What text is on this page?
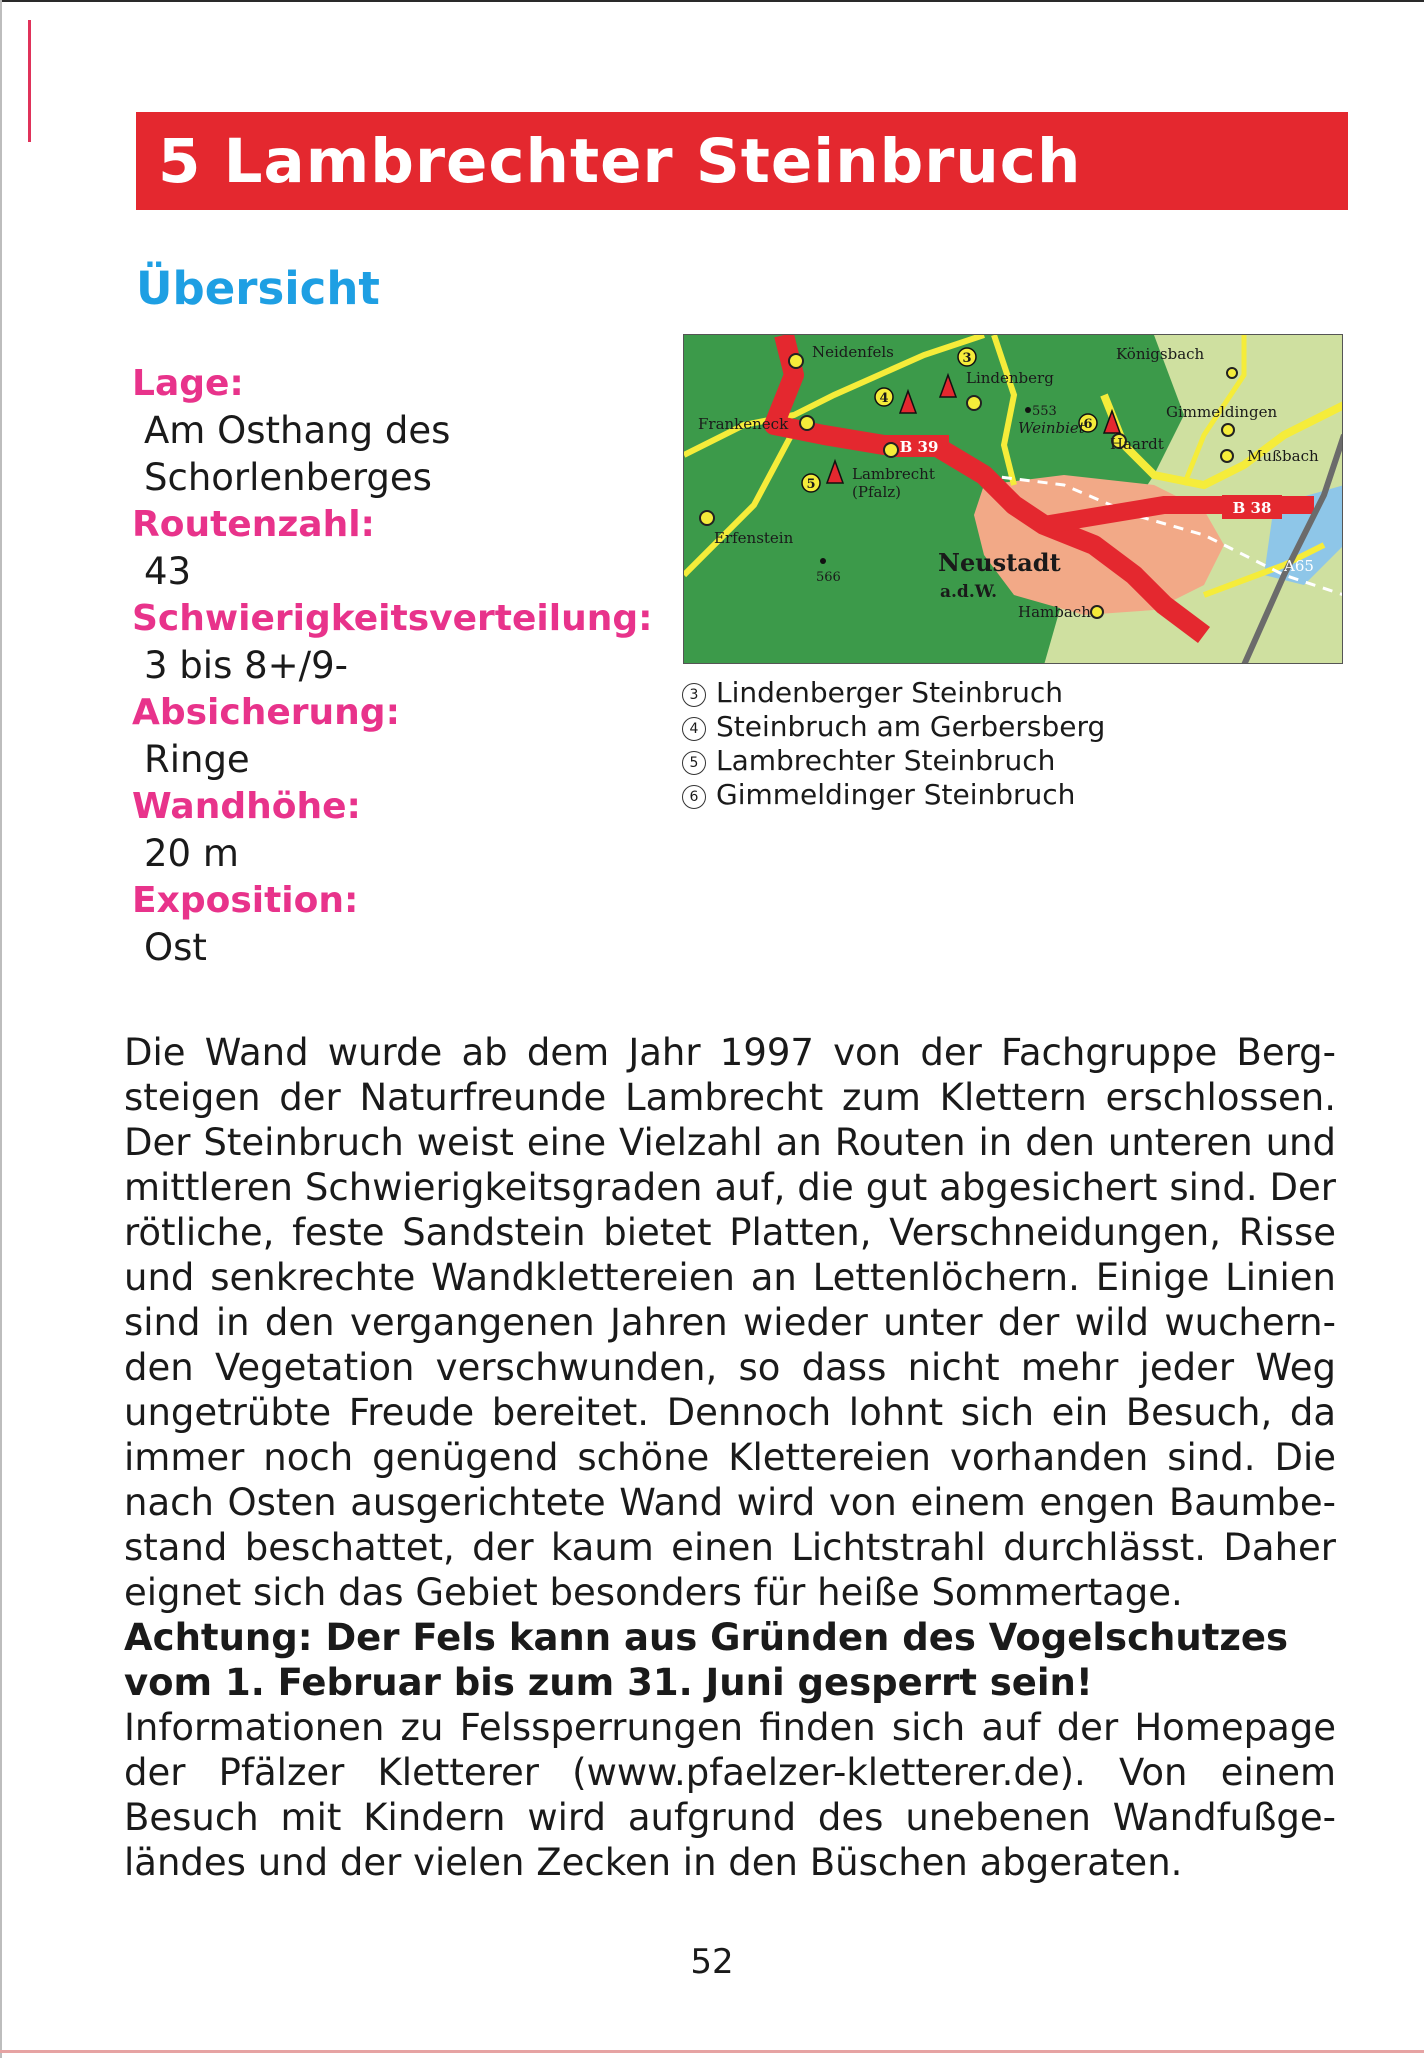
5 Lambrechter Steinbruch
Übersicht
Lage:
Am Osthang des
Schorlenberges
Routenzahl:
43
Schwierigkeitsverteilung:
3 bis 8+/9-
Absicherung:
Ringe
Wandhöhe:
20 m
Exposition:
Ost
B 39
B 38
A65
3
4
5
6
Neidenfels
Lindenberg
Königsbach
Frankeneck
Gimmeldingen
Mußbach
Lambrecht
(Pfalz)
553
Weinbiet
Haardt
Erfenstein
566
Neustadt
a.d.W.
Hambach
3 Lindenberger Steinbruch
4 Steinbruch am Gerbersberg
5 Lambrechter Steinbruch
6 Gimmeldinger Steinbruch

Die Wand wurde ab dem Jahr 1997 von der Fachgruppe Bergsteigen der Naturfreunde Lambrecht zum Klettern erschlossen. Der Steinbruch weist eine Vielzahl an Routen in den unteren und mittleren Schwierigkeitsgraden auf, die gut abgesichert sind. Der rötliche, feste Sandstein bietet Platten, Verschneidungen, Risse und senkrechte Wandklettereien an Lettenlöchern. Einige Linien sind in den vergangenen Jahren wieder unter der wild wuchernden Vegetation verschwunden, so dass nicht mehr jeder Weg ungetrübte Freude bereitet. Dennoch lohnt sich ein Besuch, da immer noch genügend schöne Klettereien vorhanden sind. Die nach Osten ausgerichtete Wand wird von einem engen Baumbestand beschattet, der kaum einen Lichtstrahl durchlässt. Daher eignet sich das Gebiet besonders für heiße Sommertage.

Achtung: Der Fels kann aus Gründen des Vogelschutzes vom 1. Februar bis zum 31. Juni gesperrt sein!

Informationen zu Felssperrungen finden sich auf der Homepage der Pfälzer Kletterer (www.pfaelzer-kletterer.de). Von einem Besuch mit Kindern wird aufgrund des unebenen Wandfußgeländes und der vielen Zecken in den Büschen abgeraten.

52
